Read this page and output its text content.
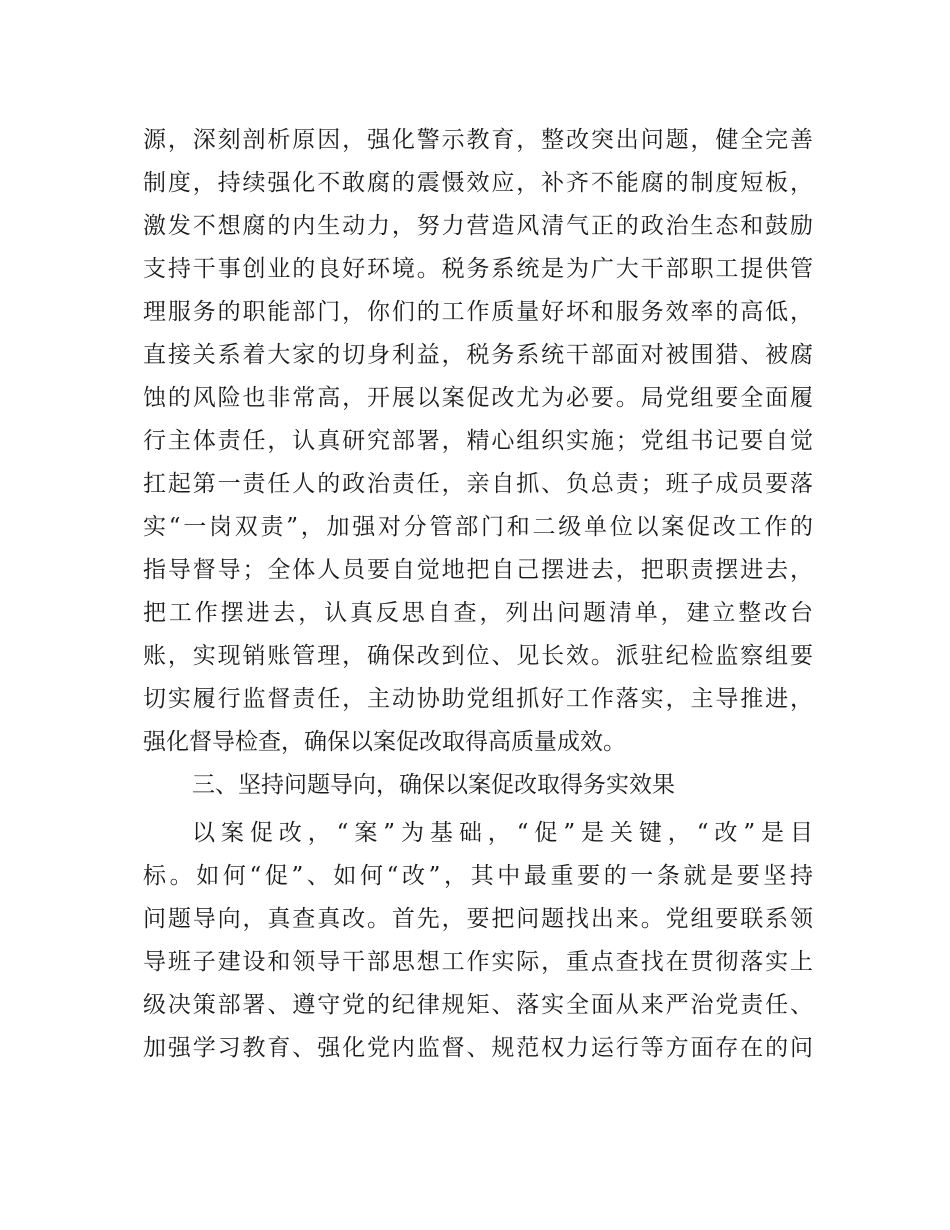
源，深刻剖析原因，强化警示教育，整改突出问题，健全完善
制度，持续强化不敢腐的震慑效应，补齐不能腐的制度短板，
激发不想腐的内生动力，努力营造风清气正的政治生态和鼓励
支持干事创业的良好环境。税务系统是为广大干部职工提供管
理服务的职能部门，你们的工作质量好坏和服务效率的高低，
直接关系着大家的切身利益，税务系统干部面对被围猎、被腐
蚀的风险也非常高，开展以案促改尤为必要。局党组要全面履
行主体责任，认真研究部署，精心组织实施；党组书记要自觉
扛起第一责任人的政治责任，亲自抓、负总责；班子成员要落
实“一岗双责”，加强对分管部门和二级单位以案促改工作的
指导督导；全体人员要自觉地把自己摆进去，把职责摆进去，
把工作摆进去，认真反思自查，列出问题清单，建立整改台
账，实现销账管理，确保改到位、见长效。派驻纪检监察组要
切实履行监督责任，主动协助党组抓好工作落实，主导推进，
强化督导检查，确保以案促改取得高质量成效。
三、坚持问题导向，确保以案促改取得务实效果
以案促改，“案”为基础，“促”是关键，“改”是目
标。如何“促”、如何“改”，其中最重要的一条就是要坚持
问题导向，真查真改。首先，要把问题找出来。党组要联系领
导班子建设和领导干部思想工作实际，重点查找在贯彻落实上
级决策部署、遵守党的纪律规矩、落实全面从来严治党责任、
加强学习教育、强化党内监督、规范权力运行等方面存在的问
